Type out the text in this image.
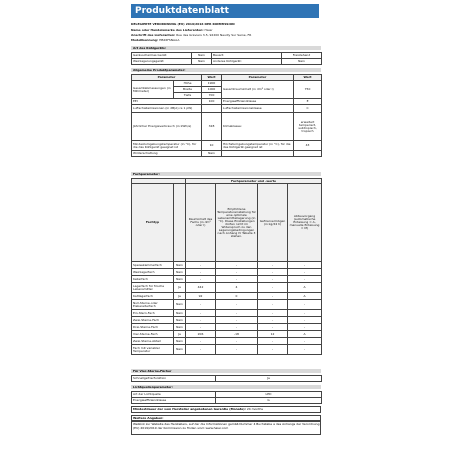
Produktdatenblatt
DELEGIERTE VERORDNUNG (EU) 2019/2016 DER KOMMISSION
Name oder Handelsmarke des Lieferanten: Haier
Anschrift des Lieferanten: Rue des Graviers 3-5, 92200 Neuilly Sur Seine, FR
Modellkennung: HB26FSNAAA
Art des Kühlgeräts:
Geräuscharmes Gerät:	Nein	Bauart:	Freistehend
Weinlagerungsgerät:	Nein	Anderes Kühlgerät:	Nein
Allgemeine Produktparameter:
Parameter		Wert	Parameter	Wert
Gesamtabmessungen (in Millimeter)	Höhe	1900	Gesamtrauminhalt (in dm³ oder l)	750
	Breite	1000		
	Tiefe	700		
EEI		100	Energieeffizienzklasse	E
Luftschallemissionen (in dB(A) re 1 pW)			Luftschallemissionsklasse	C
Jährlicher Energieverbrauch (in kWh/a)		328	Klimaklasse:	erweitert temperiert, subtropisch, tropisch
Mindestumgebungstemperatur (in °C), für die das Kühlgerät geeignet ist		10	Höchstumgebungstemperatur (in °C), für die das Kühlgerät geeignet ist	43
Winterschaltung		Nein		
Fachparameter:
		Fachparameter und -werte			
Fachtyp		Rauminhalt des Fachs (in dm³ oder l)	Empfohlene Temperatureinstellung für eine optimale Lebensmittellagerung (in °C). Diese Einstellungen dürfen nicht im Widerspruch zu den Lagerungsbedingungen nach Anhang IV Tabelle 3 stehen.	Gefriervermögen (in kg/24 h)	Abtauvorgang (automatische Enteisung = A, manuelle Enteisung = M)
Speisekammerfach	Nein	-	-	-	-
Weinlagerfach	Nein	-	-	-	-
Kellerfach	Nein	-	-	-	-
Lagerfach für frische Lebensmittel	Ja	442	4	-	A
Kaltlagerfach	Ja	92	0	-	A
Null-Sterne-oder Eisbereiterfach	Nein	-	-	-	-
Ein-Stern-Fach	Nein	-	-	-	-
Zwei-Sterne-Fach	Nein	-	-	-	-
Drei-Sterne-Fach	Nein	-	-	-	-
Vier-Sterne-Fach	Ja	206	-18	12	A
Zwei-Sterne-Abteil	Nein	-	-	-	-
Fach mit variabler Temperatur	Nein	-	-	-	-
Für Vier-Sterne-Fächer
Schnellgefrierfunktion	Ja
Lichtquellenparameter:
Art der Lichtquelle	LED
Energieeffizienzklasse	G
Mindestdauer der vom Hersteller angebotenen Garantie (Monate): 24 months
Weitere Angaben:
Weblink zur Website des Herstellers, auf der die Informationen gemäß Nummer 4 Buchstabe a des Anhangs der Verordnung (EU) 2019/2019 der Kommission zu finden sind: www.haier.com
